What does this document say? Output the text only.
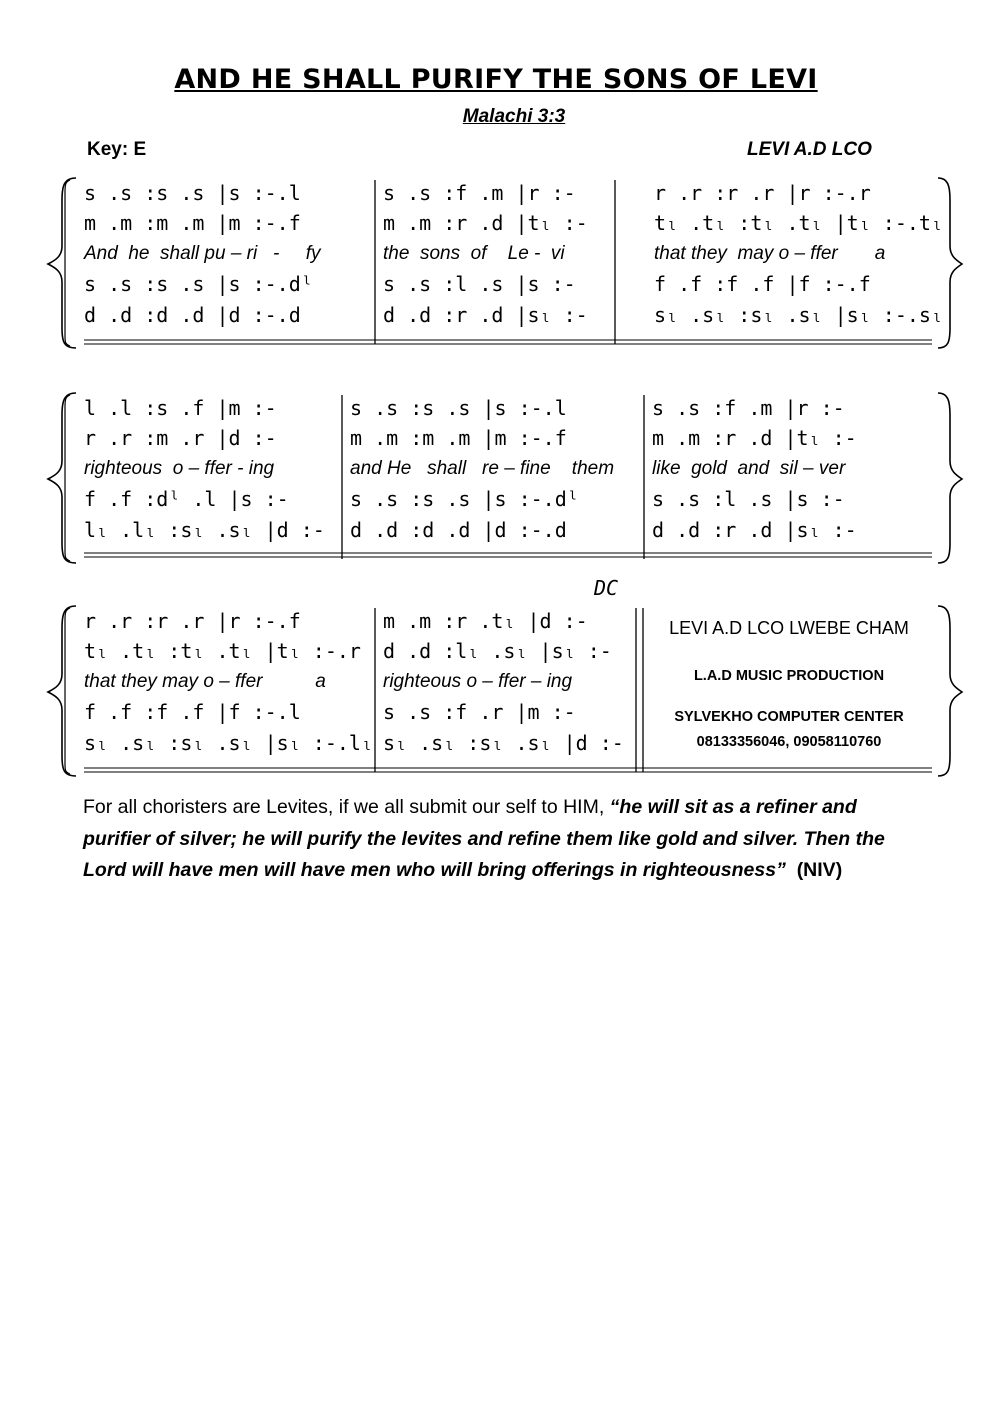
AND HE SHALL PURIFY THE SONS OF LEVI
Malachi 3:3
Key: E	LEVI A.D LCO
s .s :s .s |s :-.l
m .m :m .m |m :-.f
And  he  shall pu – ri   -     fy
s .s :s .s |s :-.dˡ
d .d :d .d |d :-.d
s .s :f .m |r :-
m .m :r .d |tₗ :-
the  sons  of    Le -  vi
s .s :l .s |s :-
d .d :r .d |sₗ :-
r .r :r .r |r :-.r
tₗ .tₗ :tₗ .tₗ |tₗ :-.tₗ
that they  may o – ffer       a
f .f :f .f |f :-.f
sₗ .sₗ :sₗ .sₗ |sₗ :-.sₗ
l .l :s .f |m :-
r .r :m .r |d :-
righteous  o – ffer - ing
f .f :dˡ .l |s :-
lₗ .lₗ :sₗ .sₗ |d :-
s .s :s .s |s :-.l
m .m :m .m |m :-.f
and He   shall   re – fine    them
s .s :s .s |s :-.dˡ
d .d :d .d |d :-.d
s .s :f .m |r :-
m .m :r .d |tₗ :-
like  gold  and  sil – ver
s .s :l .s |s :-
d .d :r .d |sₗ :-
DC
r .r :r .r |r :-.f
tₗ .tₗ :tₗ .tₗ |tₗ :-.r
that they may o – ffer          a
f .f :f .f |f :-.l
sₗ .sₗ :sₗ .sₗ |sₗ :-.lₗ
m .m :r .tₗ |d :-
d .d :lₗ .sₗ |sₗ :-
righteous o – ffer – ing
s .s :f .r |m :-
sₗ .sₗ :sₗ .sₗ |d :-
LEVI A.D LCO LWEBE CHAM
L.A.D MUSIC PRODUCTION
SYLVEKHO COMPUTER CENTER
08133356046, 09058110760
For all choristers are Levites, if we all submit our self to HIM, “he will sit as a refiner and purifier of silver; he will purify the levites and refine them like gold and silver. Then the Lord will have men will have men who will bring offerings in righteousness” (NIV)
